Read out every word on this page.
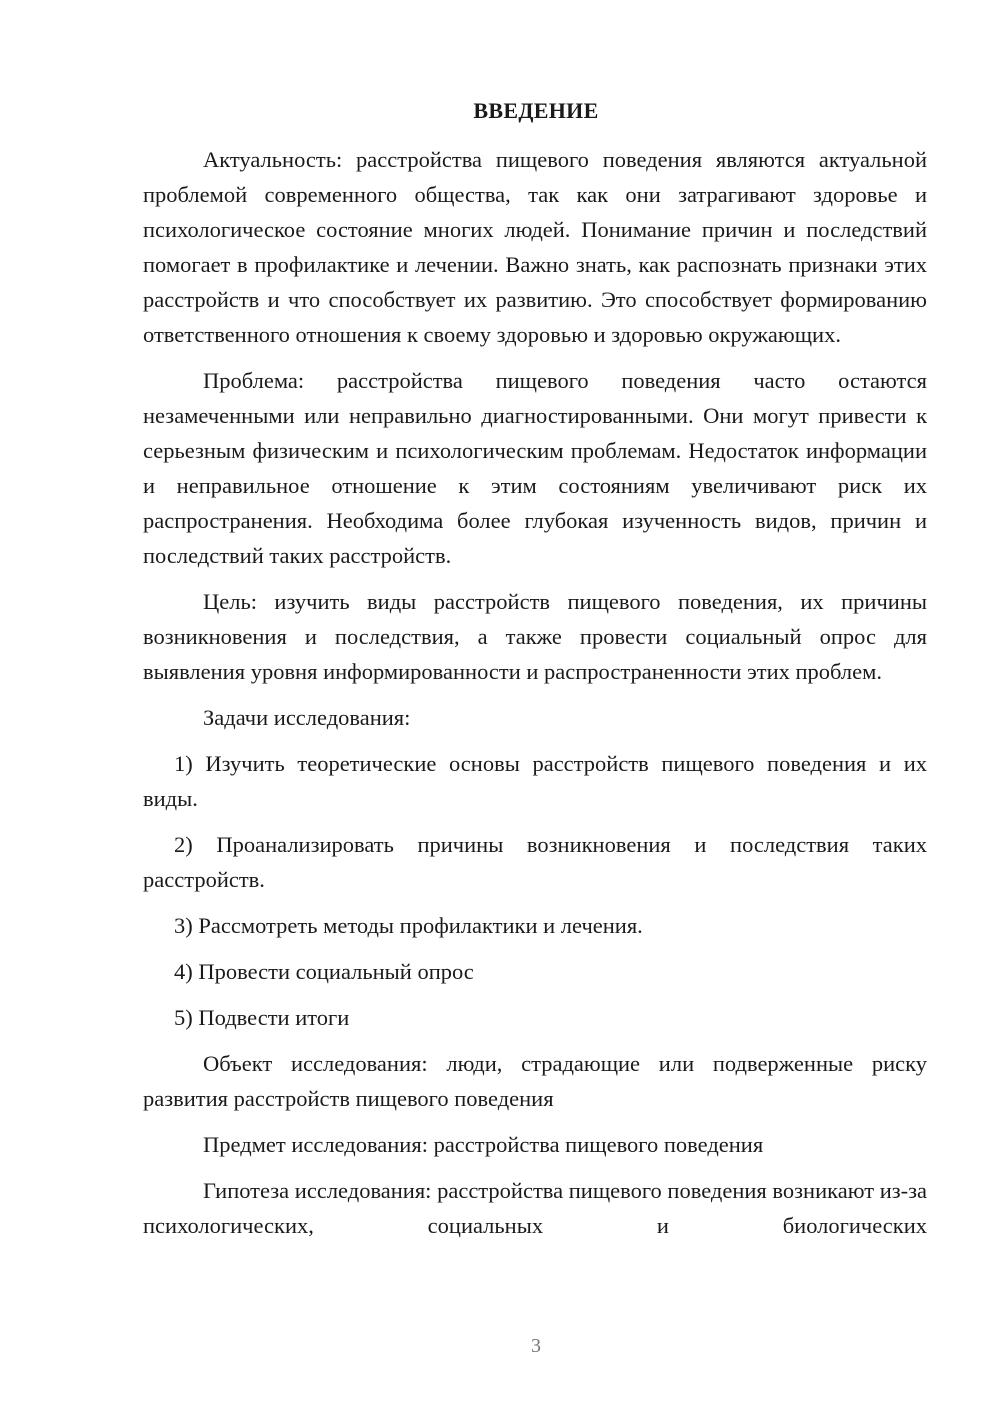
ВВЕДЕНИЕ

Актуальность: расстройства пищевого поведения являются актуальной проблемой современного общества, так как они затрагивают здоровье и психологическое состояние многих людей. Понимание причин и последствий помогает в профилактике и лечении. Важно знать, как распознать признаки этих расстройств и что способствует их развитию. Это способствует формированию ответственного отношения к своему здоровью и здоровью окружающих.

Проблема: расстройства пищевого поведения часто остаются незамеченными или неправильно диагностированными. Они могут привести к серьезным физическим и психологическим проблемам. Недостаток информации и неправильное отношение к этим состояниям увеличивают риск их распространения. Необходима более глубокая изученность видов, причин и последствий таких расстройств.

Цель: изучить виды расстройств пищевого поведения, их причины возникновения и последствия, а также провести социальный опрос для выявления уровня информированности и распространенности этих проблем.

Задачи исследования:

1) Изучить теоретические основы расстройств пищевого поведения и их виды.

2) Проанализировать причины возникновения и последствия таких расстройств.

3) Рассмотреть методы профилактики и лечения.

4) Провести социальный опрос

5) Подвести итоги

Объект исследования: люди, страдающие или подверженные риску развития расстройств пищевого поведения

Предмет исследования: расстройства пищевого поведения

Гипотеза исследования: расстройства пищевого поведения возникают из-за психологических, социальных и биологических

3
